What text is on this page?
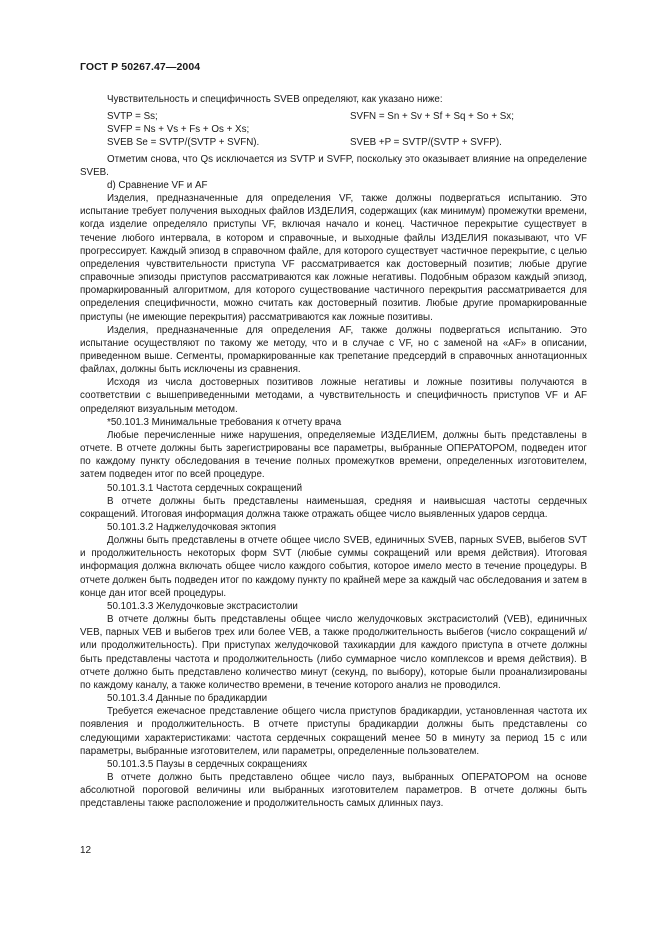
ГОСТ Р 50267.47—2004

Чувствительность и специфичность SVEB определяют, как указано ниже:

SVTP = Ss;	SVFN = Sn + Sv + Sf + Sq + So + Sx;
SVFP = Ns + Vs + Fs + Os + Xs;
SVEB Se = SVTP/(SVTP + SVFN).	SVEB +P = SVTP/(SVTP + SVFP).

Отметим снова, что Qs исключается из SVTP и SVFP, поскольку это оказывает влияние на определение SVEB.

d) Сравнение VF и AF

Изделия, предназначенные для определения VF, также должны подвергаться испытанию. Это испытание требует получения выходных файлов ИЗДЕЛИЯ, содержащих (как минимум) промежутки времени, когда изделие определяло приступы VF, включая начало и конец. Частичное перекрытие существует в течение любого интервала, в котором и справочные, и выходные файлы ИЗДЕЛИЯ показывают, что VF прогрессирует. Каждый эпизод в справочном файле, для которого существует частичное перекрытие, с целью определения чувствительности приступа VF рассматривается как достоверный позитив; любые другие справочные эпизоды приступов рассматриваются как ложные негативы. Подобным образом каждый эпизод, промаркированный алгоритмом, для которого существование частичного перекрытия рассматривается для определения специфичности, можно считать как достоверный позитив. Любые другие промаркированные приступы (не имеющие перекрытия) рассматриваются как ложные позитивы.

Изделия, предназначенные для определения AF, также должны подвергаться испытанию. Это испытание осуществляют по такому же методу, что и в случае с VF, но с заменой на «AF» в описании, приведенном выше. Сегменты, промаркированные как трепетание предсердий в справочных аннотационных файлах, должны быть исключены из сравнения.

Исходя из числа достоверных позитивов ложные негативы и ложные позитивы получаются в соответствии с вышеприведенными методами, а чувствительность и специфичность приступов VF и AF определяют визуальным методом.

*50.101.3 Минимальные требования к отчету врача

Любые перечисленные ниже нарушения, определяемые ИЗДЕЛИЕМ, должны быть представлены в отчете. В отчете должны быть зарегистрированы все параметры, выбранные ОПЕРАТОРОМ, подведен итог по каждому пункту обследования в течение полных промежутков времени, определенных изготовителем, затем подведен итог по всей процедуре.

50.101.3.1 Частота сердечных сокращений

В отчете должны быть представлены наименьшая, средняя и наивысшая частоты сердечных сокращений. Итоговая информация должна также отражать общее число выявленных ударов сердца.

50.101.3.2 Наджелудочковая эктопия

Должны быть представлены в отчете общее число SVEB, единичных SVEB, парных SVEB, выбегов SVT и продолжительность некоторых форм SVT (любые суммы сокращений или время действия). Итоговая информация должна включать общее число каждого события, которое имело место в течение процедуры. В отчете должен быть подведен итог по каждому пункту по крайней мере за каждый час обследования и затем в конце дан итог всей процедуры.

50.101.3.3 Желудочковые экстрасистолии

В отчете должны быть представлены общее число желудочковых экстрасистолий (VEB), единичных VEB, парных VEB и выбегов трех или более VEB, а также продолжительность выбегов (число сокращений и/или продолжительность). При приступах желудочковой тахикардии для каждого приступа в отчете должны быть представлены частота и продолжительность (либо суммарное число комплексов и время действия). В отчете должно быть представлено количество минут (секунд, по выбору), которые были проанализированы по каждому каналу, а также количество времени, в течение которого анализ не проводился.

50.101.3.4 Данные по брадикардии

Требуется ежечасное представление общего числа приступов брадикардии, установленная частота их появления и продолжительность. В отчете приступы брадикардии должны быть представлены со следующими характеристиками: частота сердечных сокращений менее 50 в минуту за период 15 с или параметры, выбранные изготовителем, или параметры, определенные пользователем.

50.101.3.5 Паузы в сердечных сокращениях

В отчете должно быть представлено общее число пауз, выбранных ОПЕРАТОРОМ на основе абсолютной пороговой величины или выбранных изготовителем параметров. В отчете должны быть представлены также расположение и продолжительность самых длинных пауз.

12
